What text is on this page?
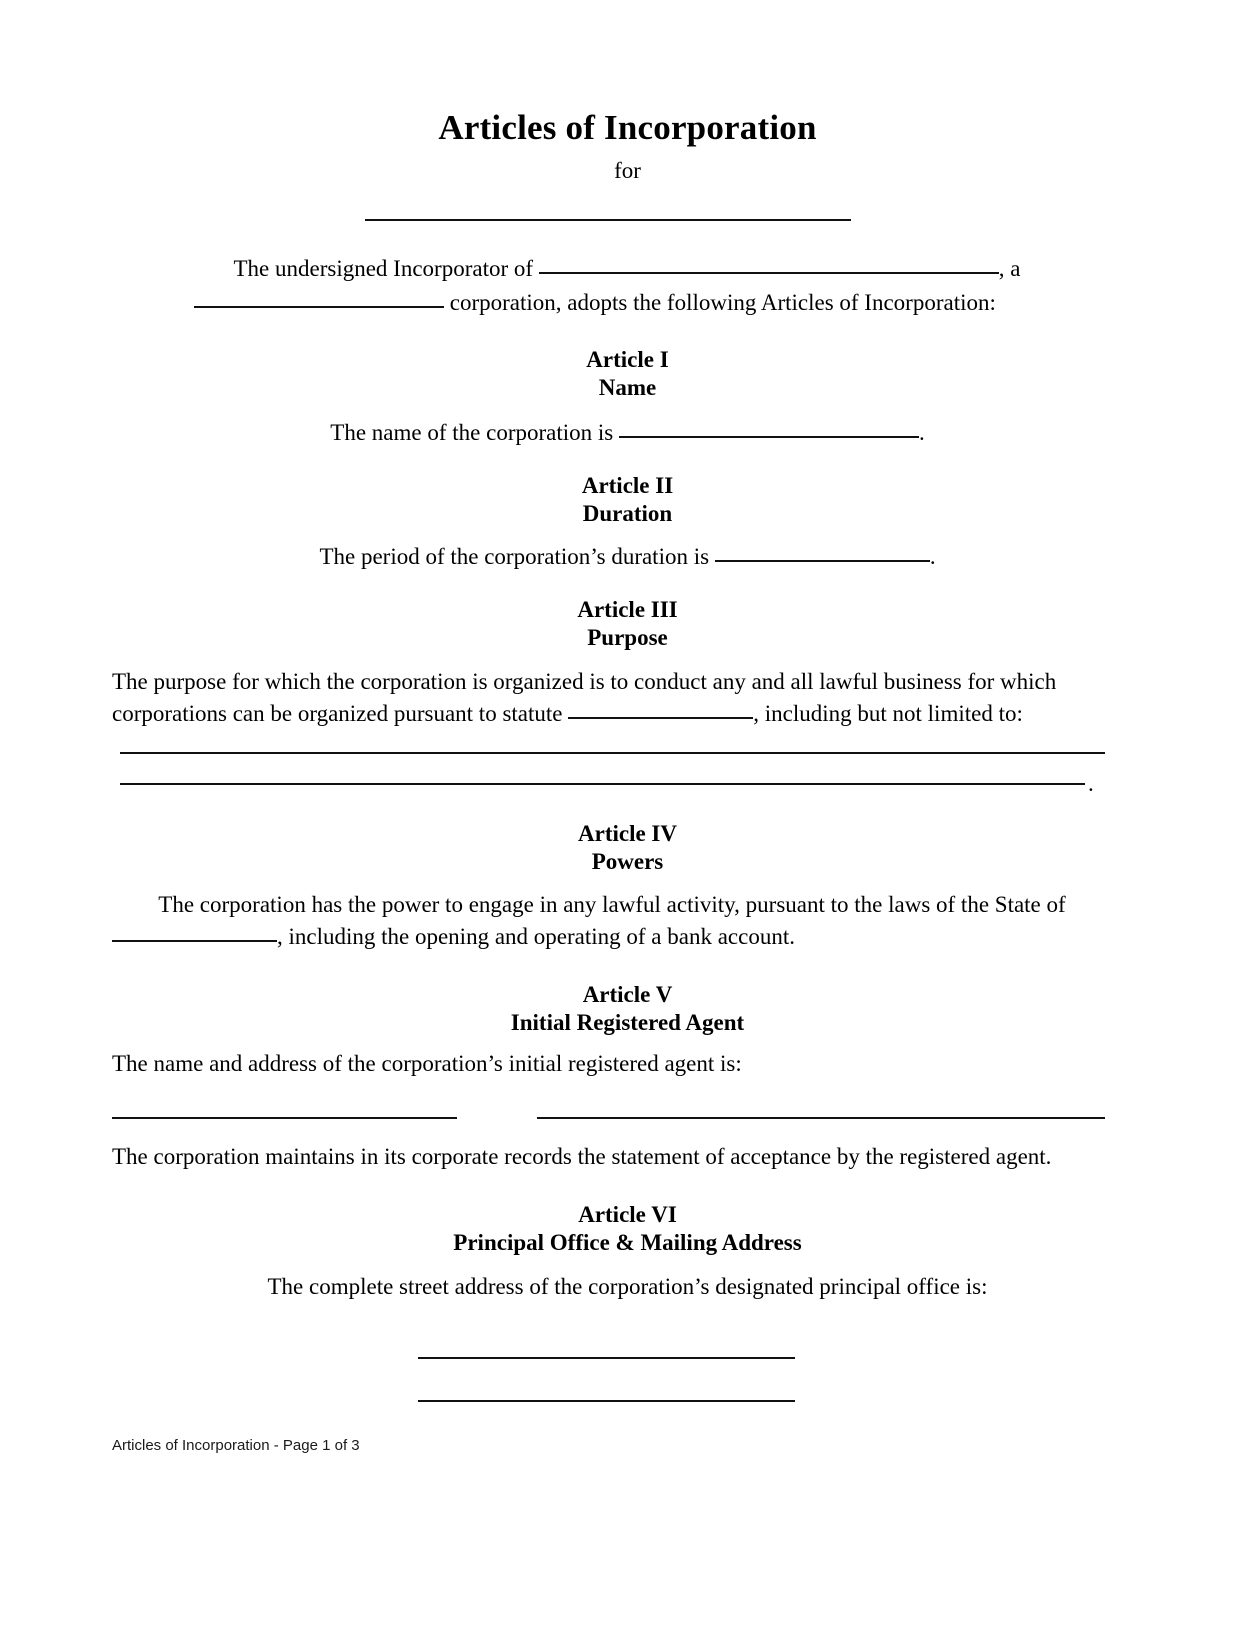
Articles of Incorporation
for
The undersigned Incorporator of	, a
corporation, adopts the following Articles of Incorporation:
Article I
Name
The name of the corporation is	.
Article II
Duration
The period of the corporation’s duration is	.
Article III
Purpose
The purpose for which the corporation is organized is to conduct any and all lawful business for which
corporations can be organized pursuant to statute	, including but not limited to:
.
Article IV
Powers
The corporation has the power to engage in any lawful activity, pursuant to the laws of the State of
, including the opening and operating of a bank account.
Article V
Initial Registered Agent
The name and address of the corporation’s initial registered agent is:
The corporation maintains in its corporate records the statement of acceptance by the registered agent.
Article VI
Principal Office & Mailing Address
The complete street address of the corporation’s designated principal office is:
Articles of Incorporation - Page 1 of 3
